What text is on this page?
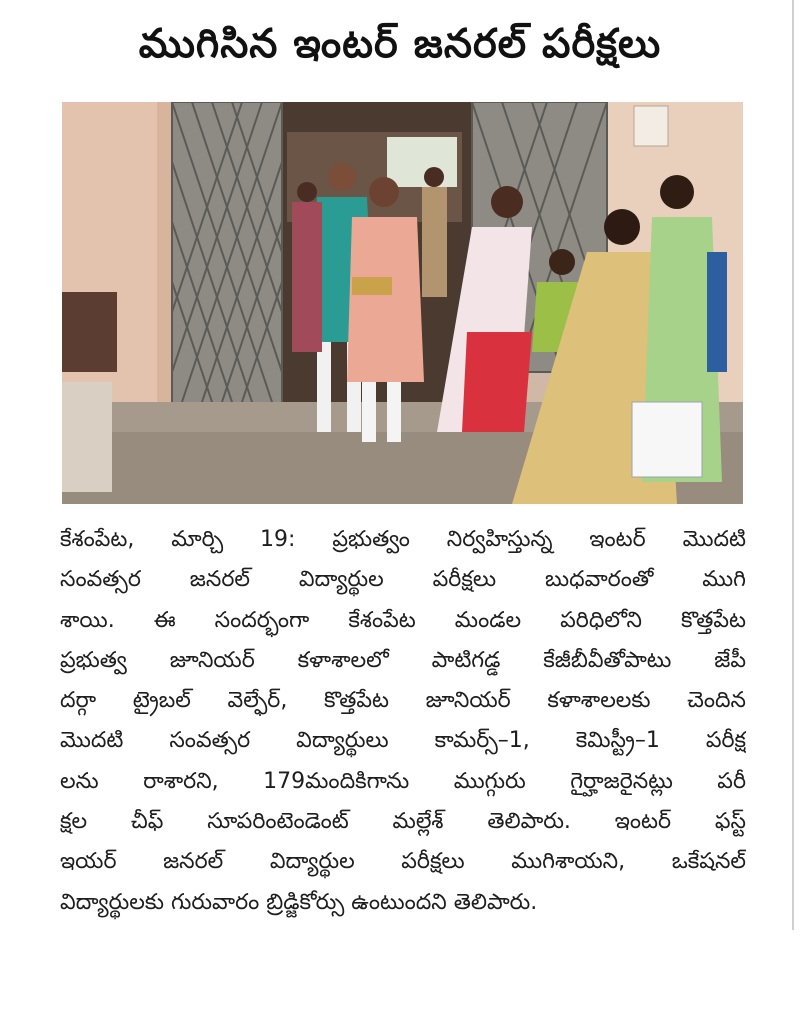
ముగిసిన ఇంటర్ జనరల్ పరీక్షలు
కేశంపేట, మార్చి 19: ప్రభుత్వం నిర్వహిస్తున్న ఇంటర్ మొదటి
సంవత్సర జనరల్ విద్యార్థుల పరీక్షలు బుధవారంతో ముగి
శాయి. ఈ సందర్భంగా కేశంపేట మండల పరిధిలోని కొత్తపేట
ప్రభుత్వ జూనియర్ కళాశాలలో పాటిగడ్డ కేజీబీవీతోపాటు జేపీ
దర్గా ట్రైబల్ వెల్ఫేర్, కొత్తపేట జూనియర్ కళాశాలలకు చెందిన
మొదటి సంవత్సర విద్యార్థులు కామర్స్–1, కెమిస్ట్రీ–1 పరీక్ష
లను రాశారని, 179మందికిగాను ముగ్గురు గైర్హాజరైనట్లు పరీ
క్షల చీఫ్ సూపరింటెండెంట్ మల్లేశ్ తెలిపారు. ఇంటర్ ఫస్ట్
ఇయర్ జనరల్ విద్యార్థుల పరీక్షలు ముగిశాయని, ఒకేషనల్
విద్యార్థులకు గురువారం బ్రిడ్జికోర్సు ఉంటుందని తెలిపారు.
